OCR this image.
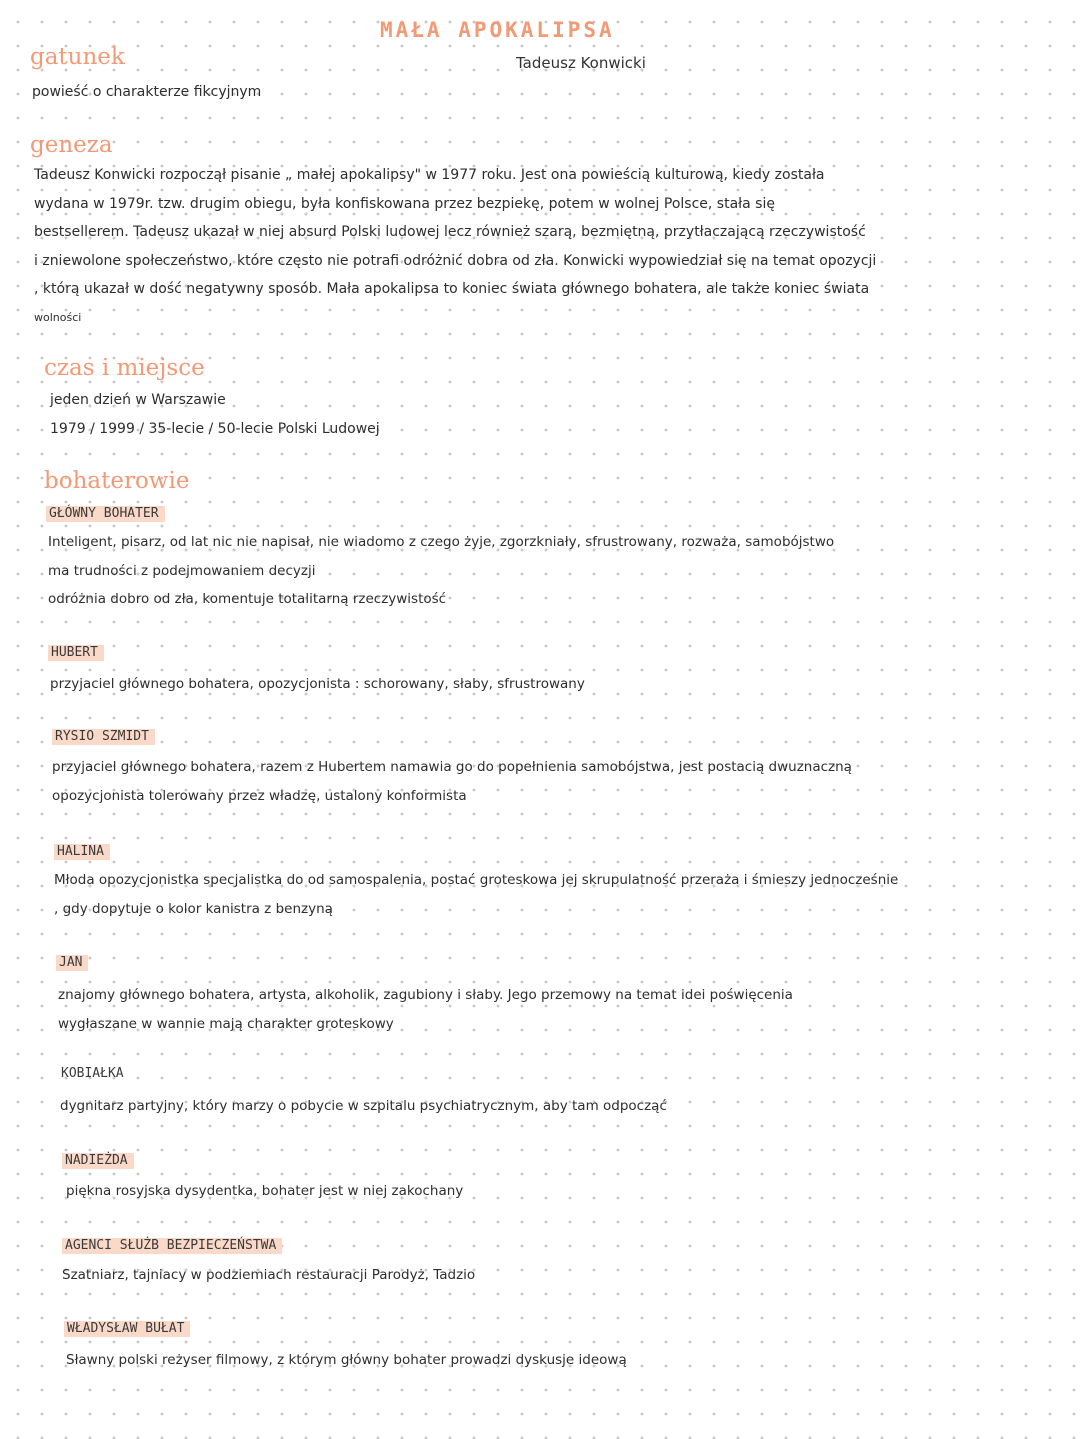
MAŁA APOKALIPSA
Tadeusz Konwicki
gatunek
powieść o charakterze fikcyjnym
geneza
Tadeusz Konwicki rozpoczął pisanie „ małej apokalipsy" w 1977 roku. Jest ona powieścią kulturową, kiedy została
wydana w 1979r. tzw. drugim obiegu, była konfiskowana przez bezpiekę, potem w wolnej Polsce, stała się
bestsellerem. Tadeusz ukazał w niej absurd Polski ludowej lecz również szarą, bezmiętną, przytłaczającą rzeczywistość
i zniewolone społeczeństwo, które często nie potrafi odróżnić dobra od zła. Konwicki wypowiedział się na temat opozycji
, którą ukazał w dość negatywny sposób. Mała apokalipsa to koniec świata głównego bohatera, ale także koniec świata
wolności
czas i miejsce
jeden dzień w Warszawie
1979 / 1999 / 35-lecie / 50-lecie Polski Ludowej
bohaterowie
GŁÓWNY BOHATER
Inteligent, pisarz, od lat nic nie napisał, nie wiadomo z czego żyje, zgorzkniały, sfrustrowany, rozważa, samobójstwo
ma trudności z podejmowaniem decyzji
odróżnia dobro od zła, komentuje totalitarną rzeczywistość
HUBERT
przyjaciel głównego bohatera, opozycjonista : schorowany, słaby, sfrustrowany
RYSIO SZMIDT
przyjaciel głównego bohatera, razem z Hubertem namawia go do popełnienia samobójstwa, jest postacią dwuznaczną
opozycjonista tolerowany przez władzę, ustalony konformista
HALINA
Młoda opozycjonistka specjalistka do od samospalenia, postać groteskowa jej skrupulatność przeraża i śmieszy jednocześnie
, gdy dopytuje o kolor kanistra z benzyną
JAN
znajomy głównego bohatera, artysta, alkoholik, zagubiony i słaby. Jego przemowy na temat idei poświęcenia
wygłaszane w wannie mają charakter groteskowy
KOBIAŁKA
dygnitarz partyjny, który marzy o pobycie w szpitalu psychiatrycznym, aby tam odpocząć
NADIEŻDA
piękna rosyjska dysydentka, bohater jest w niej zakochany
AGENCI SŁUŻB BEZPIECZEŃSTWA
Szatniarz, tajniacy w podziemiach restauracji Parodyż, Tadzio
WŁADYSŁAW BUŁAT
Sławny polski reżyser filmowy, z którym główny bohater prowadzi dyskusje ideową
